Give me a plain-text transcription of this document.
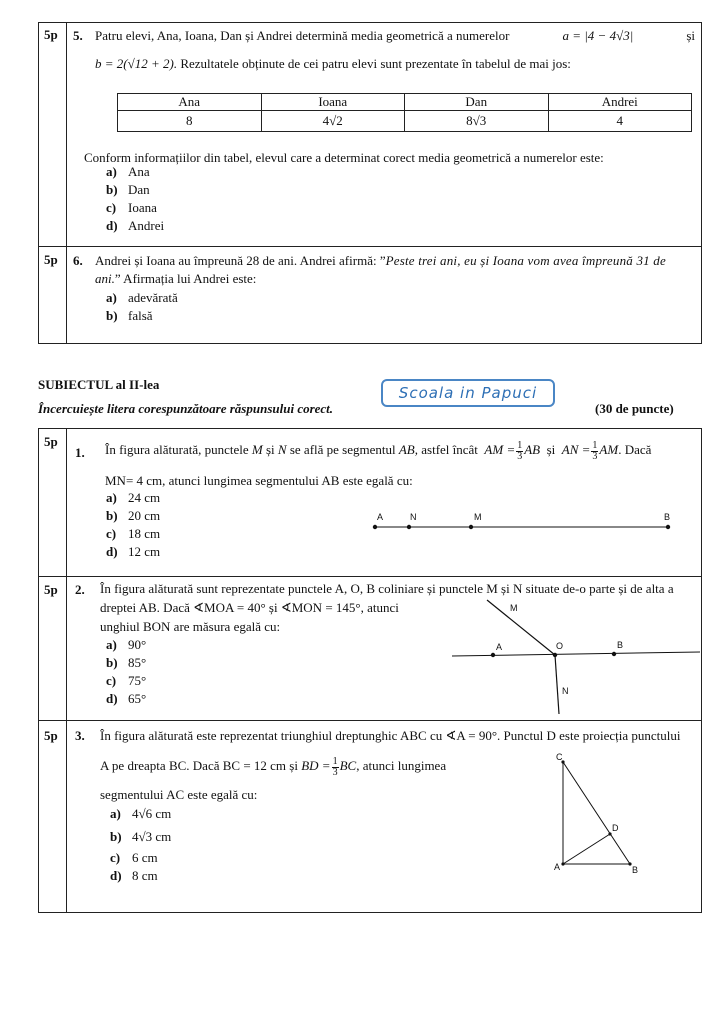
5p 5. Patru elevi, Ana, Ioana, Dan și Andrei determină media geometrică a numerelor	a = |4 − 4√3|	și
b = 2(√12 + 2). Rezultatele obținute de cei patru elevi sunt prezentate în tabelul de mai jos:
Ana	Ioana	Dan	Andrei
8	4√2	8√3	4
Conform informațiilor din tabel, elevul care a determinat corect media geometrică a numerelor este:
a) Ana
b) Dan
c) Ioana
d) Andrei
5p 6. Andrei și Ioana au împreună 28 de ani. Andrei afirmă: ”Peste trei ani, eu și Ioana vom avea împreună 31 de
ani.” Afirmația lui Andrei este:
a) adevărată
b) falsă
SUBIECTUL al II-lea
Încercuiește litera corespunzătoare răspunsului corect.
Scoala in Papuci
(30 de puncte)
5p
1. În figura alăturată, punctele M și N se află pe segmentul AB, astfel încât AM = $\frac{1}{3}$ AB și AN = $\frac{1}{3}$ AM. Dacă
MN= 4 cm, atunci lungimea segmentului AB este egală cu:
a) 24 cm
b) 20 cm
c) 18 cm
d) 12 cm
A	N	M	B
5p 2. În figura alăturată sunt reprezentate punctele A, O, B coliniare și punctele M și N situate de-o parte și de alta a
dreptei AB. Dacă ∢MOA = 40° și ∢MON = 145°, atunci
unghiul BON are măsura egală cu:
a) 90°
b) 85°
c) 75°
d) 65°
M
A	O	B
N
5p 3. În figura alăturată este reprezentat triunghiul dreptunghic ABC cu ∢A = 90°. Punctul D este proiecția punctului
A pe dreapta BC. Dacă BC = 12 cm și BD = $\frac{1}{3}$ BC, atunci lungimea
segmentului AC este egală cu:
a) 4√6 cm
b) 4√3 cm
c) 6 cm
d) 8 cm
C
D
A	B
